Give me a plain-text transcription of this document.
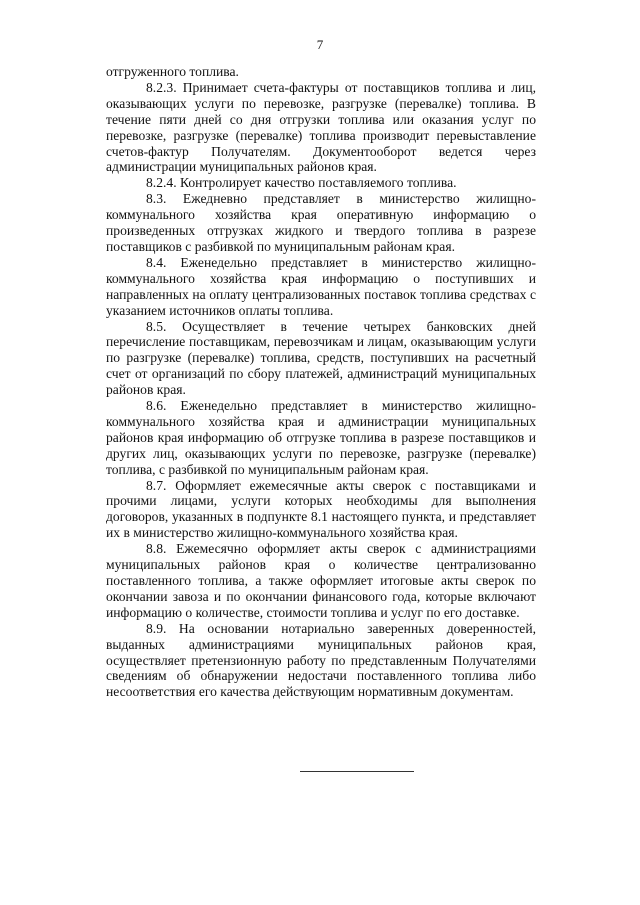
7

отгруженного топлива.

8.2.3. Принимает счета-фактуры от поставщиков топлива и лиц, оказывающих услуги по перевозке, разгрузке (перевалке) топлива. В течение пяти дней со дня отгрузки топлива или оказания услуг по перевозке, разгрузке (перевалке) топлива производит перевыставление счетов-фактур Получателям. Документооборот ведется через администрации муниципальных районов края.

8.2.4. Контролирует качество поставляемого топлива.

8.3. Ежедневно представляет в министерство жилищно-коммунального хозяйства края оперативную информацию о произведенных отгрузках жидкого и твердого топлива в разрезе поставщиков с разбивкой по муниципальным районам края.

8.4. Еженедельно представляет в министерство жилищно-коммунального хозяйства края информацию о поступивших и направленных на оплату централизованных поставок топлива средствах с указанием источников оплаты топлива.

8.5. Осуществляет в течение четырех банковских дней перечисление поставщикам, перевозчикам и лицам, оказывающим услуги по разгрузке (перевалке) топлива, средств, поступивших на расчетный счет от организаций по сбору платежей, администраций муниципальных районов края.

8.6. Еженедельно представляет в министерство жилищно-коммунального хозяйства края и администрации муниципальных районов края информацию об отгрузке топлива в разрезе поставщиков и других лиц, оказывающих услуги по перевозке, разгрузке (перевалке) топлива, с разбивкой по муниципальным районам края.

8.7. Оформляет ежемесячные акты сверок с поставщиками и прочими лицами, услуги которых необходимы для выполнения договоров, указанных в подпункте 8.1 настоящего пункта, и представляет их в министерство жилищно-коммунального хозяйства края.

8.8. Ежемесячно оформляет акты сверок с администрациями муниципальных районов края о количестве централизованно поставленного топлива, а также оформляет итоговые акты сверок по окончании завоза и по окончании финансового года, которые включают информацию о количестве, стоимости топлива и услуг по его доставке.

8.9. На основании нотариально заверенных доверенностей, выданных администрациями муниципальных районов края, осуществляет претензионную работу по представленным Получателями сведениям об обнаружении недостачи поставленного топлива либо несоответствия его качества действующим нормативным документам.
